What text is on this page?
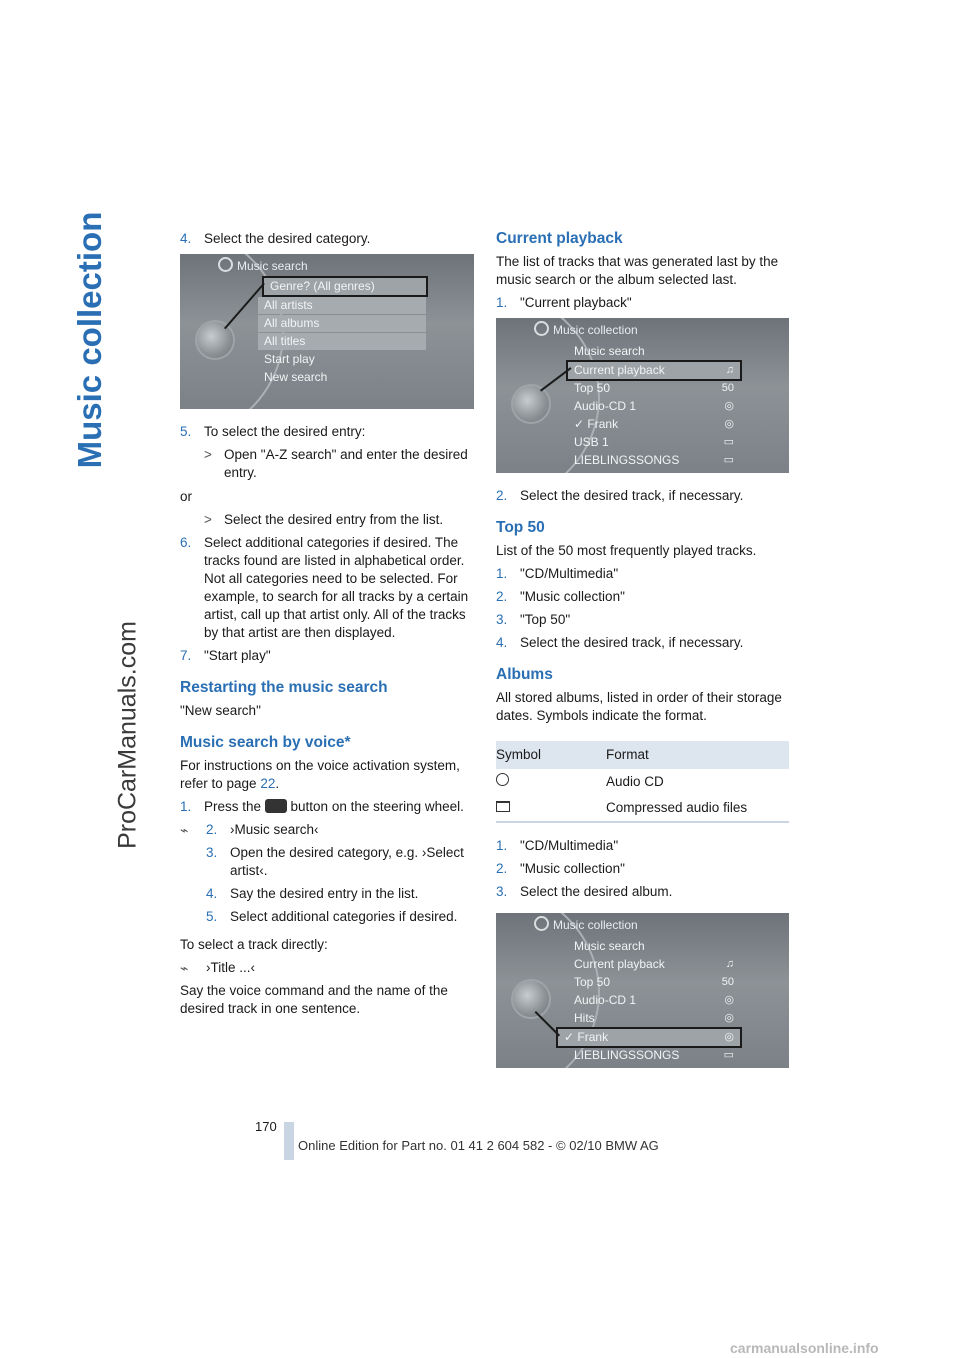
Music collection
ProCarManuals.com
4. Select the desired category.
Music search
Genre? (All genres)
All artists
All albums
All titles
Start play
New search
5. To select the desired entry:
> Open "A-Z search" and enter the desired entry.
or
> Select the desired entry from the list.
6. Select additional categories if desired. The tracks found are listed in alphabetical order. Not all categories need to be selected. For example, to search for all tracks by a certain artist, call up that artist only. All of the tracks by that artist are then displayed.
7. "Start play"
Restarting the music search
"New search"
Music search by voice*
For instructions on the voice activation system, refer to page 22.
1. Press the  button on the steering wheel.
⌁	2. ›Music search‹
3. Open the desired category, e.g. ›Select artist‹.
4. Say the desired entry in the list.
5. Select additional categories if desired.
To select a track directly:
⌁	›Title ...‹
Say the voice command and the name of the desired track in one sentence.
Current playback
The list of tracks that was generated last by the music search or the album selected last.
1. "Current playback"
Music collection
Music search
Current playback	♫
Top 50	50
Audio-CD 1	◎
✓ Frank	◎
USB 1	▭
LIEBLINGSSONGS	▭
2. Select the desired track, if necessary.
Top 50
List of the 50 most frequently played tracks.
1. "CD/Multimedia"
2. "Music collection"
3. "Top 50"
4. Select the desired track, if necessary.
Albums
All stored albums, listed in order of their storage dates. Symbols indicate the format.
Symbol	Format
	Audio CD
	Compressed audio files
1. "CD/Multimedia"
2. "Music collection"
3. Select the desired album.
Music collection
Music search
Current playback	♫
Top 50	50
Audio-CD 1	◎
Hits	◎
✓ Frank	◎
LIEBLINGSSONGS	▭
170
Online Edition for Part no. 01 41 2 604 582 - © 02/10 BMW AG
carmanualsonline.info
